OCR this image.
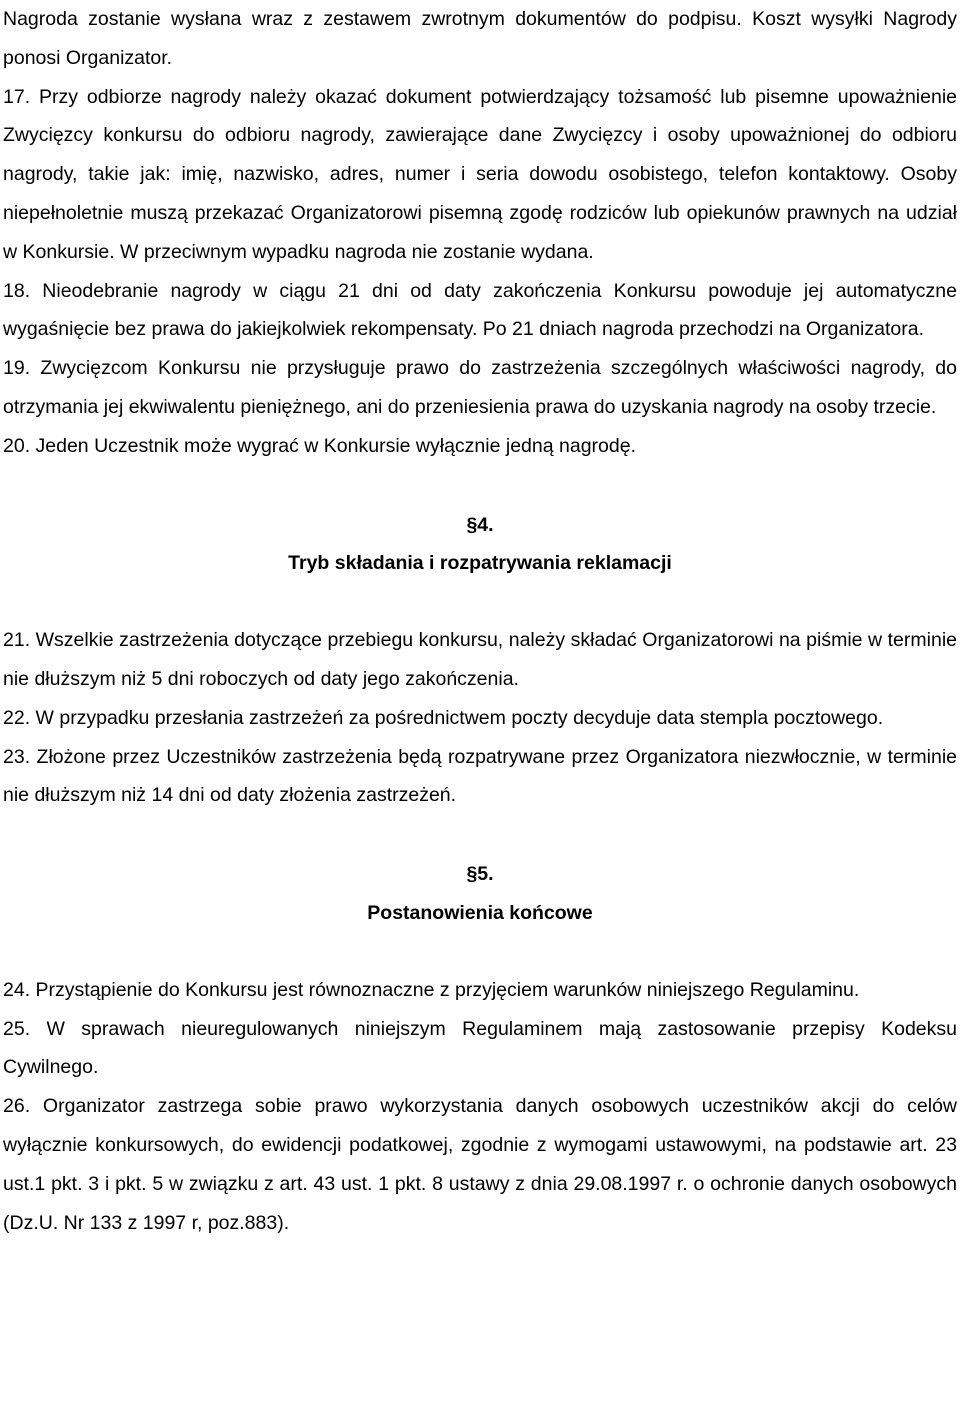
Nagroda zostanie wysłana wraz z zestawem zwrotnym dokumentów do podpisu. Koszt wysyłki Nagrody ponosi Organizator.

17. Przy odbiorze nagrody należy okazać dokument potwierdzający tożsamość lub pisemne upoważnienie Zwycięzcy konkursu do odbioru nagrody, zawierające dane Zwycięzcy i osoby upoważnionej do odbioru nagrody, takie jak: imię, nazwisko, adres, numer i seria dowodu osobistego, telefon kontaktowy. Osoby niepełnoletnie muszą przekazać Organizatorowi pisemną zgodę rodziców lub opiekunów prawnych na udział w Konkursie. W przeciwnym wypadku nagroda nie zostanie wydana.

18. Nieodebranie nagrody w ciągu 21 dni od daty zakończenia Konkursu powoduje jej automatyczne wygaśnięcie bez prawa do jakiejkolwiek rekompensaty. Po 21 dniach nagroda przechodzi na Organizatora.

19. Zwycięzcom Konkursu nie przysługuje prawo do zastrzeżenia szczególnych właściwości nagrody, do otrzymania jej ekwiwalentu pieniężnego, ani do przeniesienia prawa do uzyskania nagrody na osoby trzecie.

20. Jeden Uczestnik może wygrać w Konkursie wyłącznie jedną nagrodę.

§4.

Tryb składania i rozpatrywania reklamacji

21. Wszelkie zastrzeżenia dotyczące przebiegu konkursu, należy składać Organizatorowi na piśmie w terminie nie dłuższym niż 5 dni roboczych od daty jego zakończenia.

22. W przypadku przesłania zastrzeżeń za pośrednictwem poczty decyduje data stempla pocztowego.

23. Złożone przez Uczestników zastrzeżenia będą rozpatrywane przez Organizatora niezwłocznie, w terminie nie dłuższym niż 14 dni od daty złożenia zastrzeżeń.

§5.

Postanowienia końcowe

24. Przystąpienie do Konkursu jest równoznaczne z przyjęciem warunków niniejszego Regulaminu.

25. W sprawach nieuregulowanych niniejszym Regulaminem mają zastosowanie przepisy Kodeksu Cywilnego.

26. Organizator zastrzega sobie prawo wykorzystania danych osobowych uczestników akcji do celów wyłącznie konkursowych, do ewidencji podatkowej, zgodnie z wymogami ustawowymi, na podstawie art. 23 ust.1 pkt. 3 i pkt. 5 w związku z art. 43 ust. 1 pkt. 8 ustawy z dnia 29.08.1997 r. o ochronie danych osobowych (Dz.U. Nr 133 z 1997 r, poz.883).
